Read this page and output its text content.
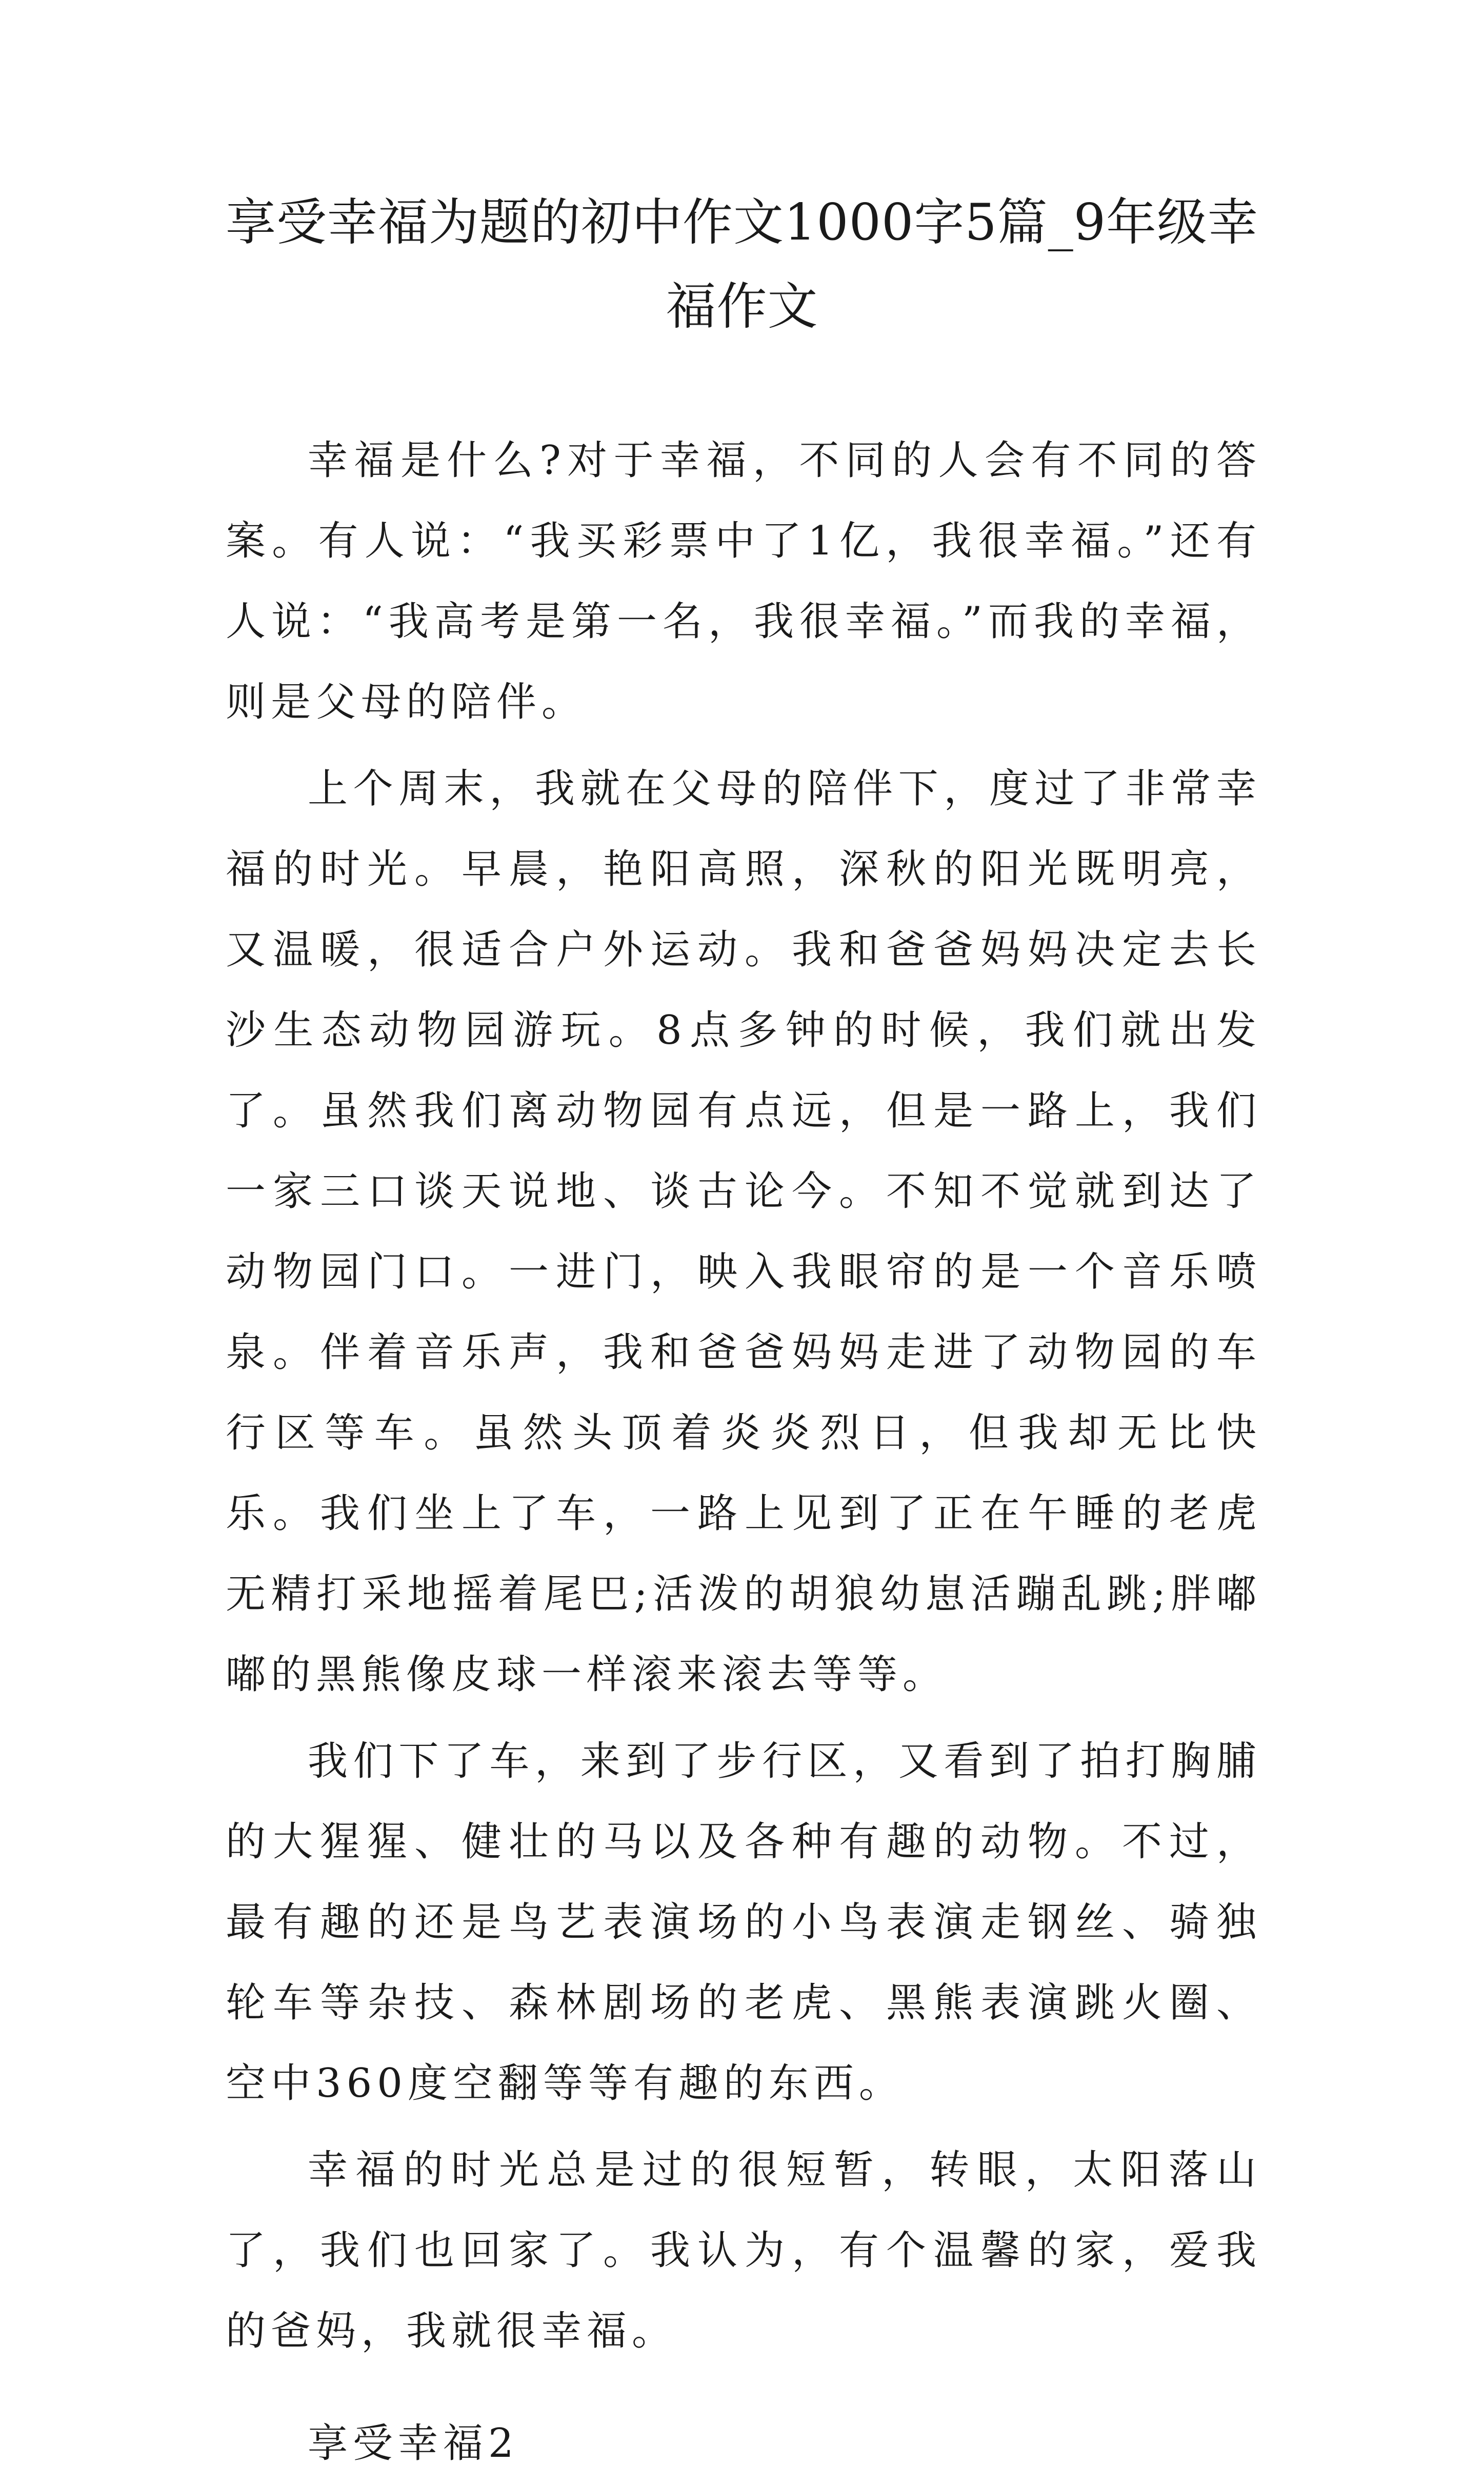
享受幸福为题的初中作文1000字5篇_9年级幸福作文

幸福是什么?对于幸福，不同的人会有不同的答案。有人说：“我买彩票中了1亿，我很幸福。”还有人说：“我高考是第一名，我很幸福。”而我的幸福，则是父母的陪伴。

上个周末，我就在父母的陪伴下，度过了非常幸福的时光。早晨，艳阳高照，深秋的阳光既明亮，又温暖，很适合户外运动。我和爸爸妈妈决定去长沙生态动物园游玩。8点多钟的时候，我们就出发了。虽然我们离动物园有点远，但是一路上，我们一家三口谈天说地、谈古论今。不知不觉就到达了动物园门口。一进门，映入我眼帘的是一个音乐喷泉。伴着音乐声，我和爸爸妈妈走进了动物园的车行区等车。虽然头顶着炎炎烈日，但我却无比快乐。我们坐上了车，一路上见到了正在午睡的老虎无精打采地摇着尾巴;活泼的胡狼幼崽活蹦乱跳;胖嘟嘟的黑熊像皮球一样滚来滚去等等。

我们下了车，来到了步行区，又看到了拍打胸脯的大猩猩、健壮的马以及各种有趣的动物。不过，最有趣的还是鸟艺表演场的小鸟表演走钢丝、骑独轮车等杂技、森林剧场的老虎、黑熊表演跳火圈、空中360度空翻等等有趣的东西。

幸福的时光总是过的很短暂，转眼，太阳落山了，我们也回家了。我认为，有个温馨的家，爱我的爸妈，我就很幸福。

享受幸福2
